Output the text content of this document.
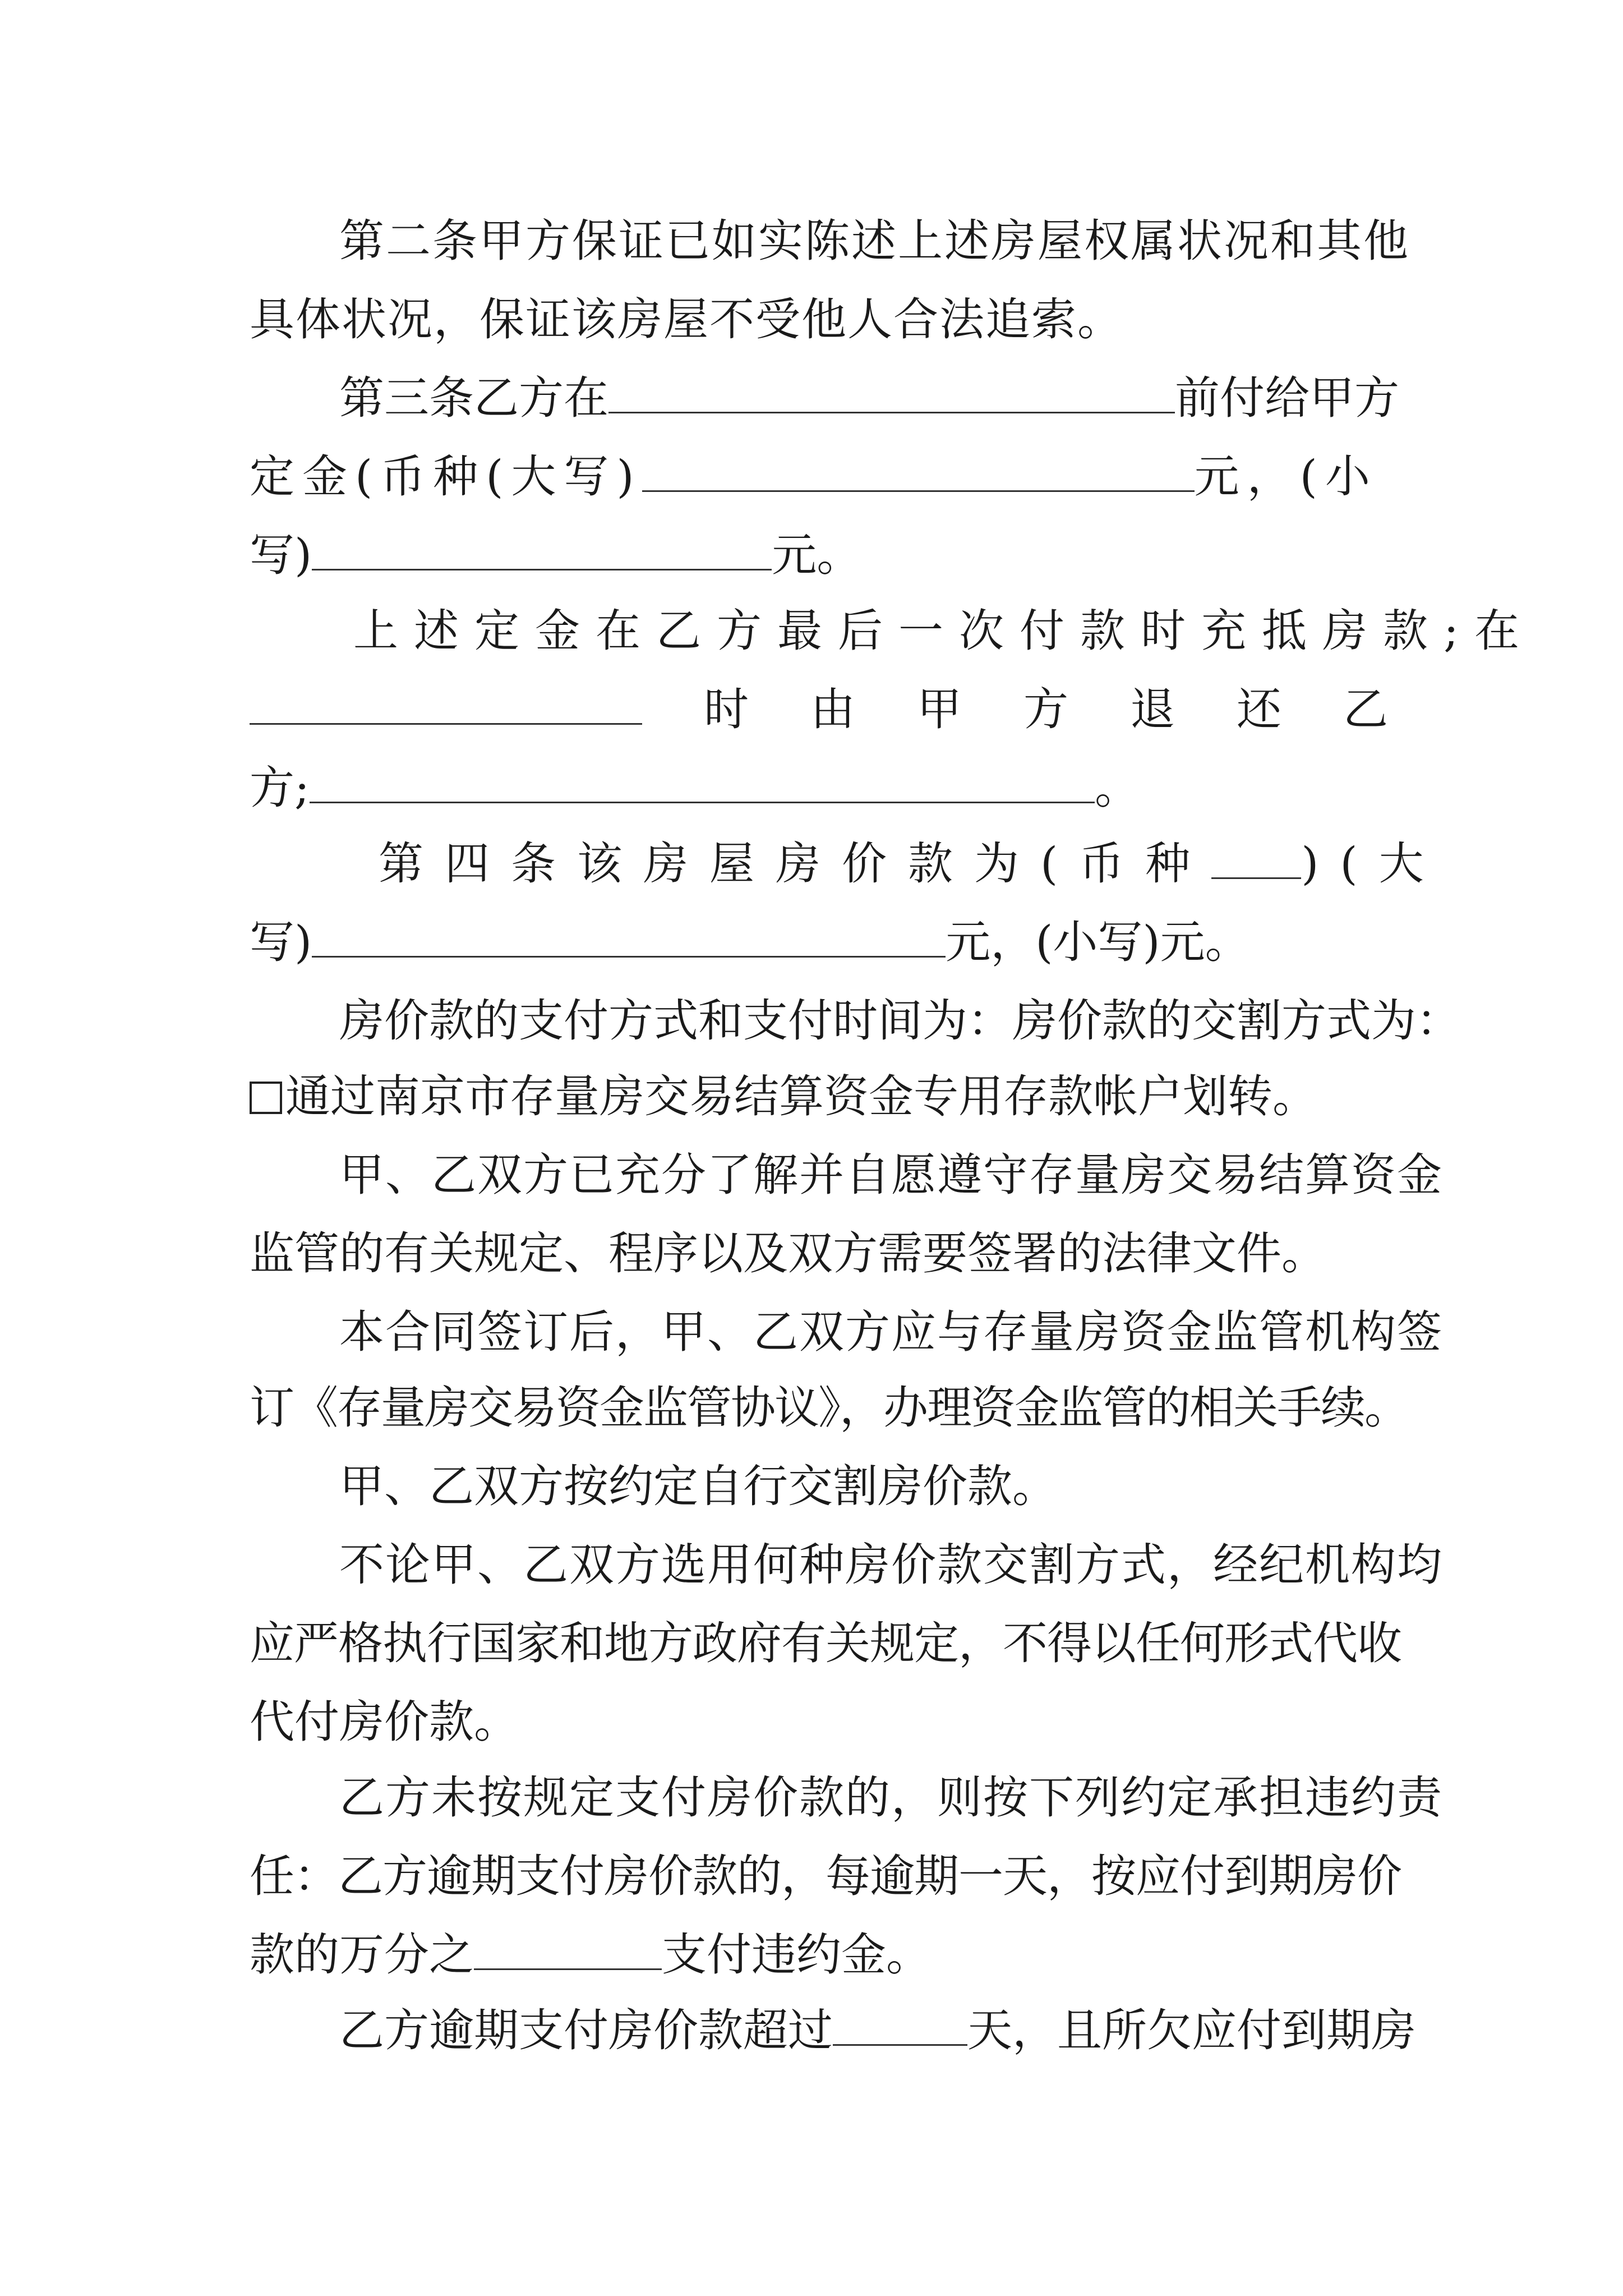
第二条甲方保证已如实陈述上述房屋权属状况和其他
具体状况，保证该房屋不受他人合法追索。
第三条乙方在	前付给甲方
定金(币种(大写)	元，(小
写)	元。
上述定金在乙方最后一次付款时充抵房款;在
时 由 甲 方 退 还 乙
方;	。
第四条该房屋房价款为(币种 )(大
写)	元，(小写)元。
房价款的支付方式和支付时间为：房价款的交割方式为：
通过南京市存量房交易结算资金专用存款帐户划转。
甲、乙双方已充分了解并自愿遵守存量房交易结算资金
监管的有关规定、程序以及双方需要签署的法律文件。
本合同签订后，甲、乙双方应与存量房资金监管机构签
订《存量房交易资金监管协议》，办理资金监管的相关手续。
甲、乙双方按约定自行交割房价款。
不论甲、乙双方选用何种房价款交割方式，经纪机构均
应严格执行国家和地方政府有关规定，不得以任何形式代收
代付房价款。
乙方未按规定支付房价款的，则按下列约定承担违约责
任：乙方逾期支付房价款的，每逾期一天，按应付到期房价
款的万分之	支付违约金。
乙方逾期支付房价款超过	天，且所欠应付到期房
